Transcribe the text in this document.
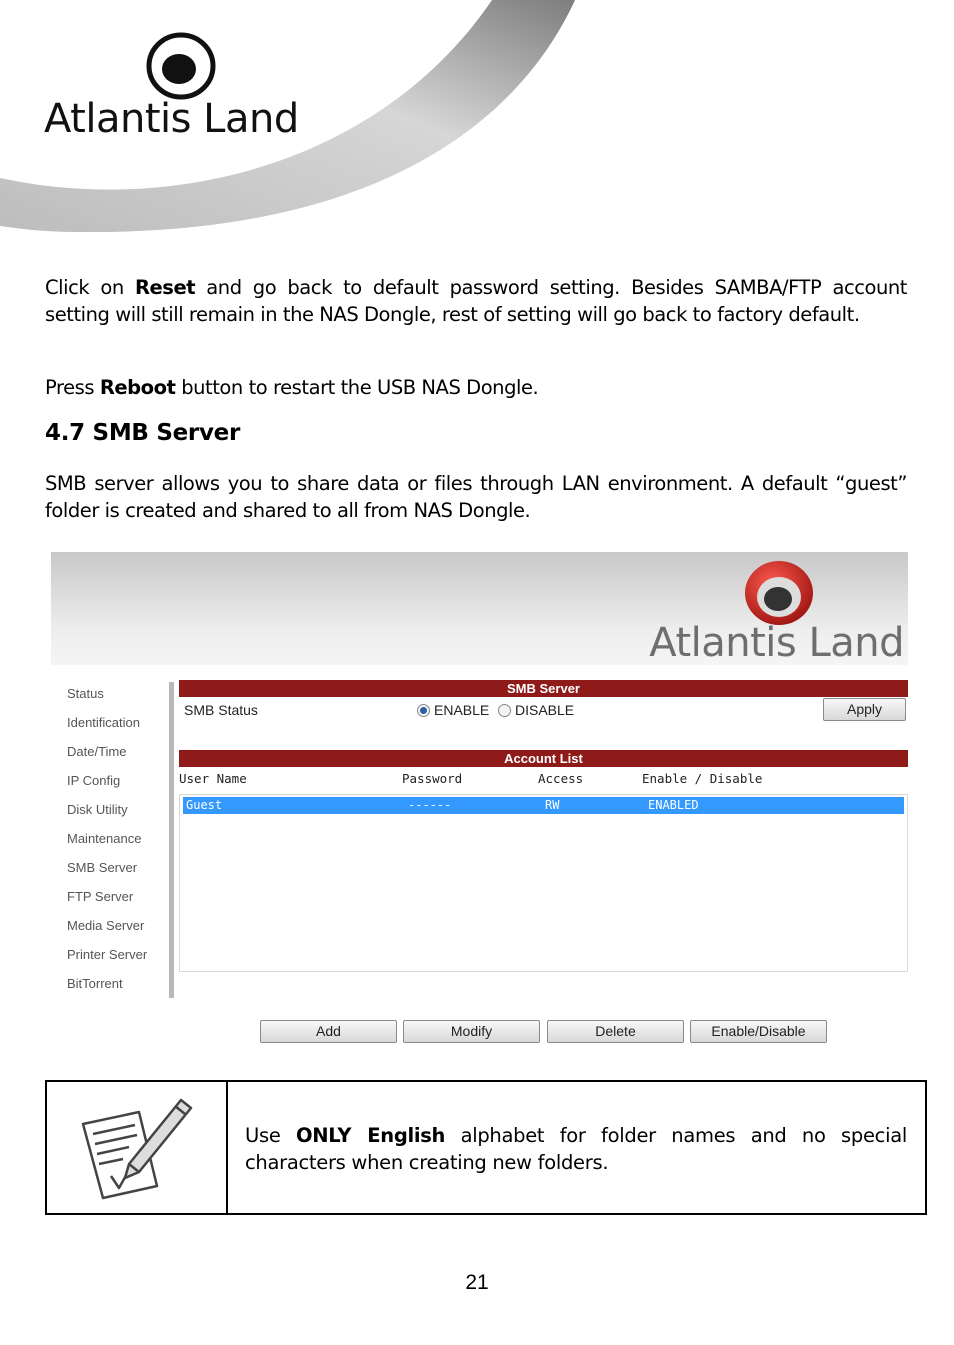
Atlantis Land
Click on Reset and go back to default password setting. Besides SAMBA/FTP account setting will still remain in the NAS Dongle, rest of setting will go back to factory default.
Press Reboot button to restart the USB NAS Dongle.
4.7 SMB Server
SMB server allows you to share data or files through LAN environment. A default “guest” folder is created and shared to all from NAS Dongle.
Atlantis Land
Status
Identification
Date/Time
IP Config
Disk Utility
Maintenance
SMB Server
FTP Server
Media Server
Printer Server
BitTorrent
SMB Server
SMB Status	ENABLE DISABLE	Apply
Account List
User Name	Password	Access	Enable / Disable
Guest	------	RW	ENABLED
Add	Modify	Delete	Enable/Disable
Use ONLY English alphabet for folder names and no special characters when creating new folders.
21
